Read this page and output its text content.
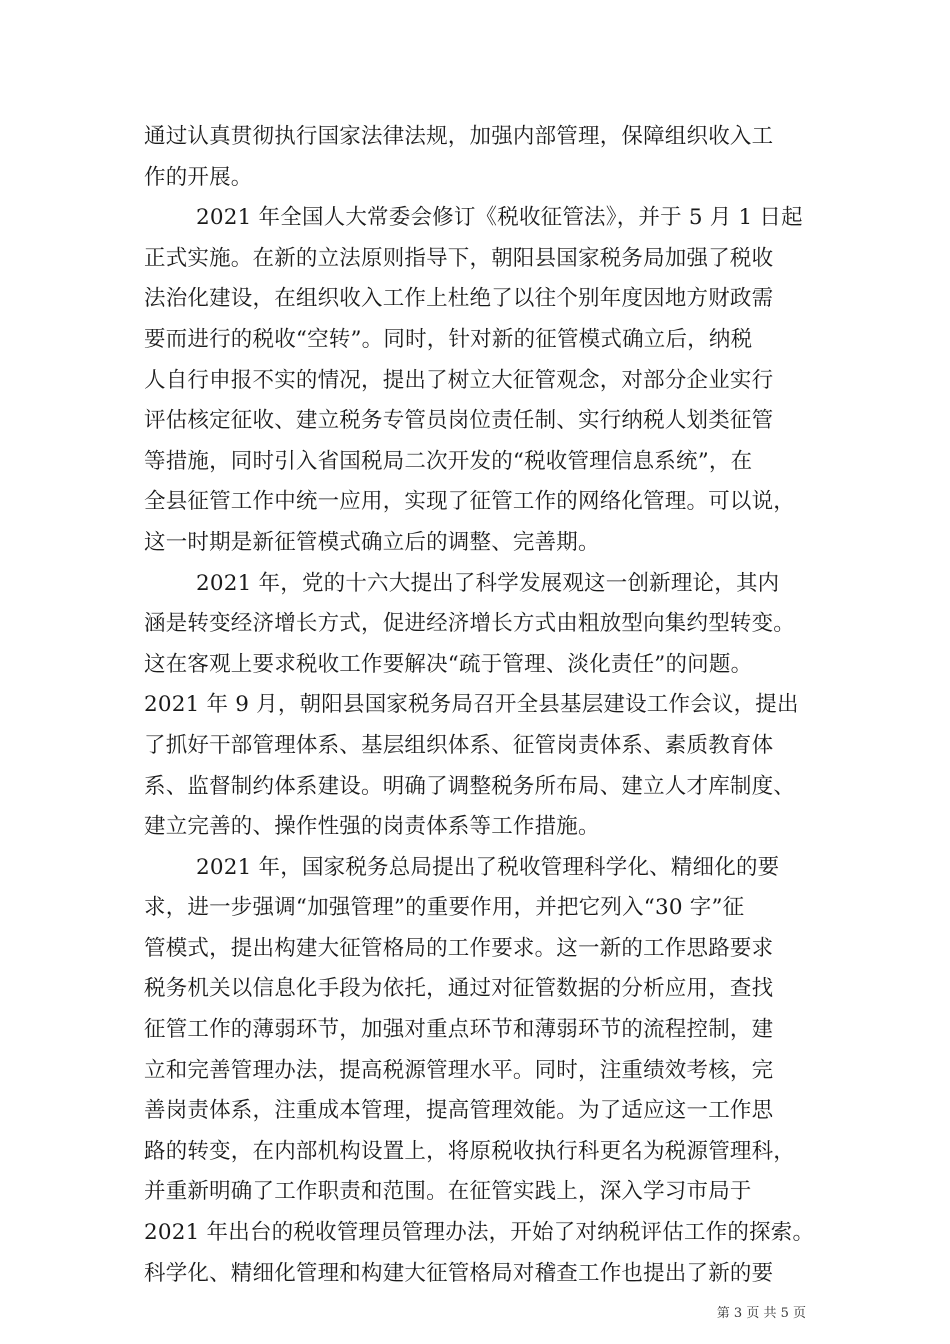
通过认真贯彻执行国家法律法规，加强内部管理，保障组织收入工
作的开展。
2021 年全国人大常委会修订《税收征管法》，并于 5 月 1 日起
正式实施。在新的立法原则指导下，朝阳县国家税务局加强了税收
法治化建设，在组织收入工作上杜绝了以往个别年度因地方财政需
要而进行的税收“空转”。同时，针对新的征管模式确立后，纳税
人自行申报不实的情况，提出了树立大征管观念，对部分企业实行
评估核定征收、建立税务专管员岗位责任制、实行纳税人划类征管
等措施，同时引入省国税局二次开发的“税收管理信息系统”，在
全县征管工作中统一应用，实现了征管工作的网络化管理。可以说，
这一时期是新征管模式确立后的调整、完善期。
2021 年，党的十六大提出了科学发展观这一创新理论，其内
涵是转变经济增长方式，促进经济增长方式由粗放型向集约型转变。
这在客观上要求税收工作要解决“疏于管理、淡化责任”的问题。
2021 年 9 月，朝阳县国家税务局召开全县基层建设工作会议，提出
了抓好干部管理体系、基层组织体系、征管岗责体系、素质教育体
系、监督制约体系建设。明确了调整税务所布局、建立人才库制度、
建立完善的、操作性强的岗责体系等工作措施。
2021 年，国家税务总局提出了税收管理科学化、精细化的要
求，进一步强调“加强管理”的重要作用，并把它列入“30 字”征
管模式，提出构建大征管格局的工作要求。这一新的工作思路要求
税务机关以信息化手段为依托，通过对征管数据的分析应用，查找
征管工作的薄弱环节，加强对重点环节和薄弱环节的流程控制，建
立和完善管理办法，提高税源管理水平。同时，注重绩效考核，完
善岗责体系，注重成本管理，提高管理效能。为了适应这一工作思
路的转变，在内部机构设置上，将原税收执行科更名为税源管理科，
并重新明确了工作职责和范围。在征管实践上，深入学习市局于
2021 年出台的税收管理员管理办法，开始了对纳税评估工作的探索。
科学化、精细化管理和构建大征管格局对稽查工作也提出了新的要
第 3 页 共 5 页
